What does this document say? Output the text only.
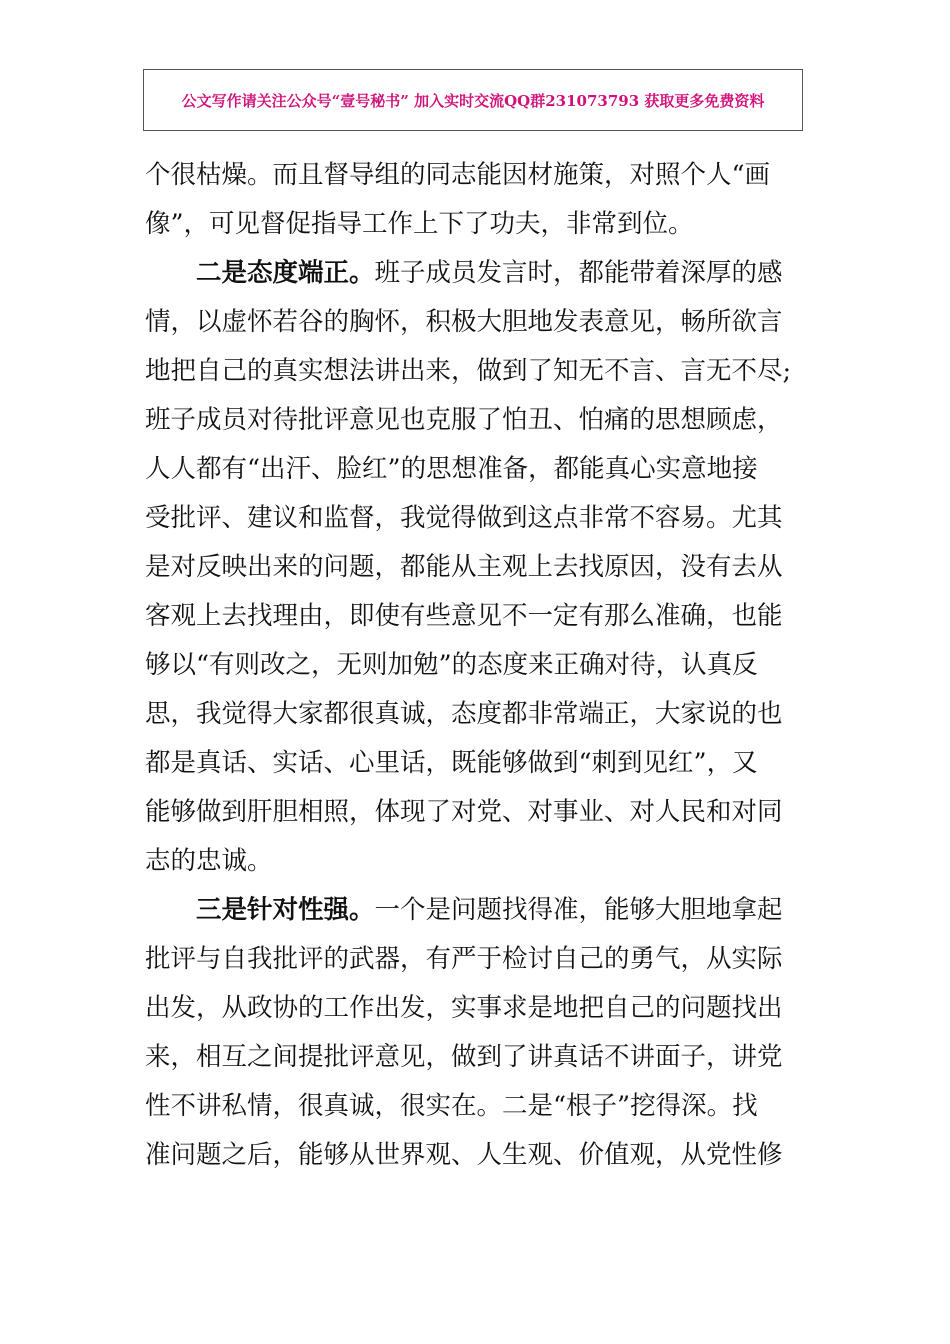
公文写作请关注公众号“壹号秘书” 加入实时交流QQ群231073793 获取更多免费资料
个很枯燥。而且督导组的同志能因材施策，对照个人“画
像”，可见督促指导工作上下了功夫，非常到位。
二是态度端正。班子成员发言时，都能带着深厚的感
情，以虚怀若谷的胸怀，积极大胆地发表意见，畅所欲言
地把自己的真实想法讲出来，做到了知无不言、言无不尽;
班子成员对待批评意见也克服了怕丑、怕痛的思想顾虑，
人人都有“出汗、脸红”的思想准备，都能真心实意地接
受批评、建议和监督，我觉得做到这点非常不容易。尤其
是对反映出来的问题，都能从主观上去找原因，没有去从
客观上去找理由，即使有些意见不一定有那么准确，也能
够以“有则改之，无则加勉”的态度来正确对待，认真反
思，我觉得大家都很真诚，态度都非常端正，大家说的也
都是真话、实话、心里话，既能够做到“刺到见红”，又
能够做到肝胆相照，体现了对党、对事业、对人民和对同
志的忠诚。
三是针对性强。一个是问题找得准，能够大胆地拿起
批评与自我批评的武器，有严于检讨自己的勇气，从实际
出发，从政协的工作出发，实事求是地把自己的问题找出
来，相互之间提批评意见，做到了讲真话不讲面子，讲党
性不讲私情，很真诚，很实在。二是“根子”挖得深。找
准问题之后，能够从世界观、人生观、价值观，从党性修
